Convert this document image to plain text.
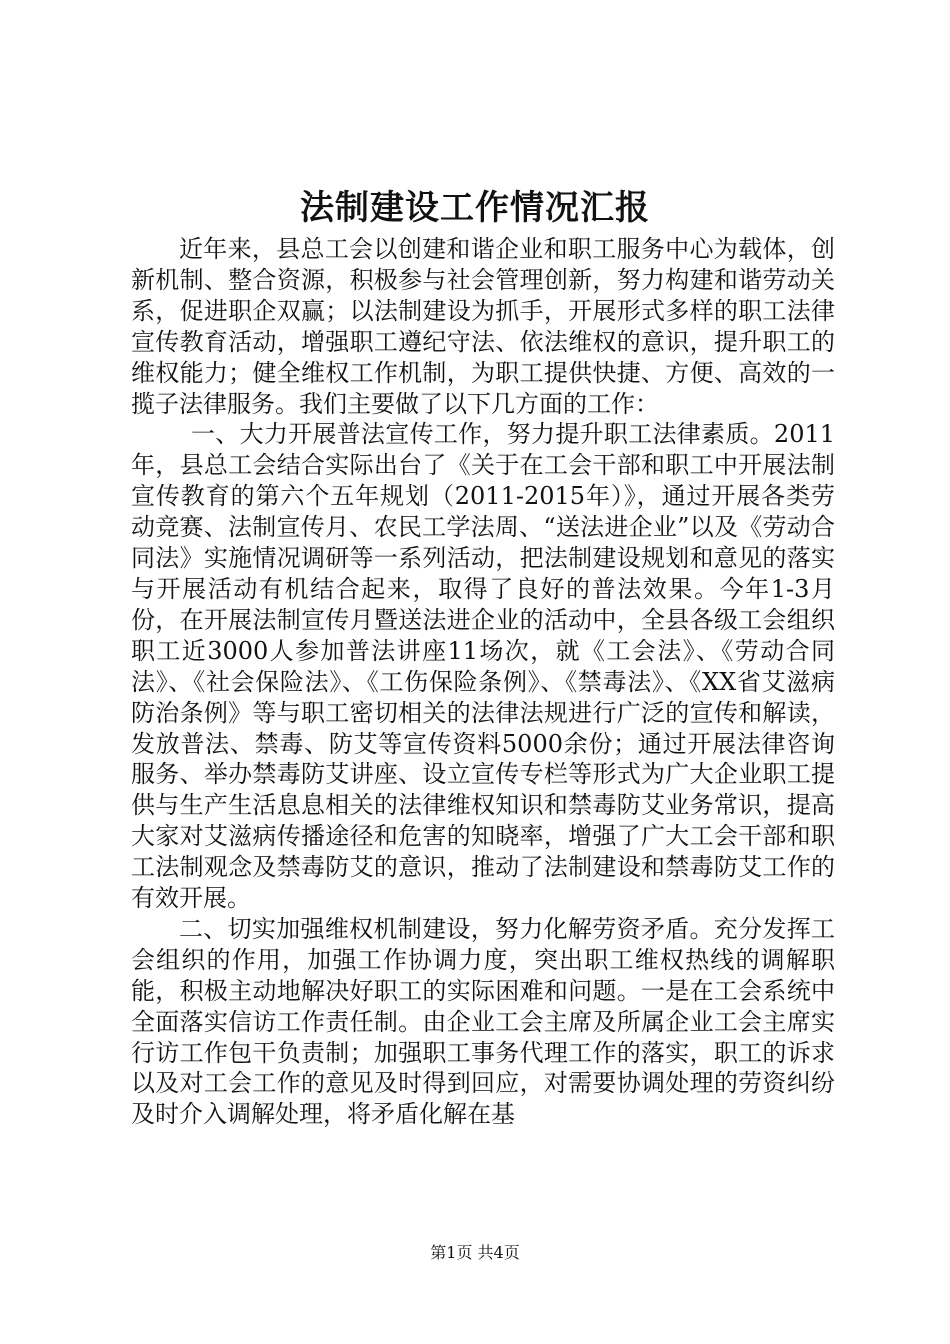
法制建设工作情况汇报

近年来，县总工会以创建和谐企业和职工服务中心为载体，创新机制、整合资源，积极参与社会管理创新，努力构建和谐劳动关系，促进职企双赢；以法制建设为抓手，开展形式多样的职工法律宣传教育活动，增强职工遵纪守法、依法维权的意识，提升职工的维权能力；健全维权工作机制，为职工提供快捷、方便、高效的一揽子法律服务。我们主要做了以下几方面的工作：

一、大力开展普法宣传工作，努力提升职工法律素质。2011年，县总工会结合实际出台了《关于在工会干部和职工中开展法制宣传教育的第六个五年规划（2011-2015年）》，通过开展各类劳动竞赛、法制宣传月、农民工学法周、“送法进企业”以及《劳动合同法》实施情况调研等一系列活动，把法制建设规划和意见的落实与开展活动有机结合起来，取得了良好的普法效果。今年1-3月份，在开展法制宣传月暨送法进企业的活动中，全县各级工会组织职工近3000人参加普法讲座11场次，就《工会法》、《劳动合同法》、《社会保险法》、《工伤保险条例》、《禁毒法》、《XX省艾滋病防治条例》等与职工密切相关的法律法规进行广泛的宣传和解读，发放普法、禁毒、防艾等宣传资料5000余份；通过开展法律咨询服务、举办禁毒防艾讲座、设立宣传专栏等形式为广大企业职工提供与生产生活息息相关的法律维权知识和禁毒防艾业务常识，提高大家对艾滋病传播途径和危害的知晓率，增强了广大工会干部和职工法制观念及禁毒防艾的意识，推动了法制建设和禁毒防艾工作的有效开展。

二、切实加强维权机制建设，努力化解劳资矛盾。充分发挥工会组织的作用，加强工作协调力度，突出职工维权热线的调解职能，积极主动地解决好职工的实际困难和问题。一是在工会系统中全面落实信访工作责任制。由企业工会主席及所属企业工会主席实行访工作包干负责制；加强职工事务代理工作的落实，职工的诉求以及对工会工作的意见及时得到回应，对需要协调处理的劳资纠纷及时介入调解处理，将矛盾化解在基

第1页 共4页
